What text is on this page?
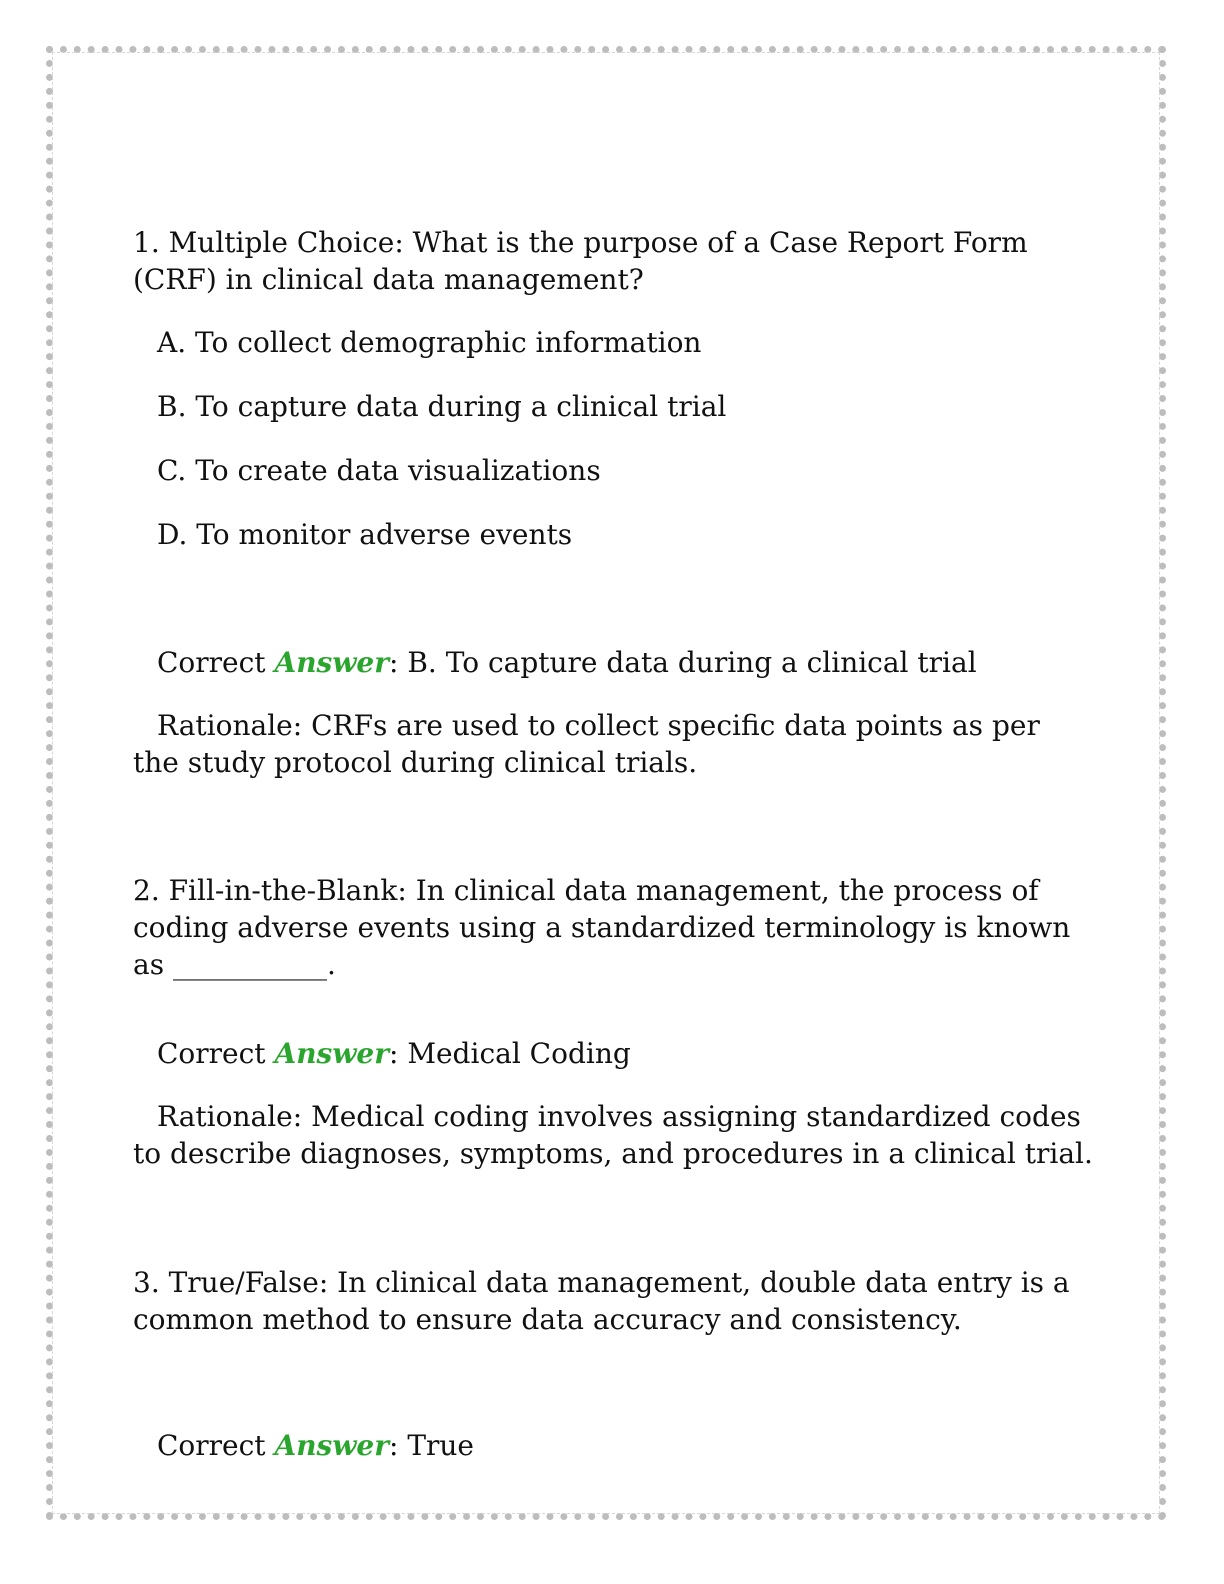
1. Multiple Choice: What is the purpose of a Case Report Form (CRF) in clinical data management?
A. To collect demographic information
B. To capture data during a clinical trial
C. To create data visualizations
D. To monitor adverse events
Correct Answer: B. To capture data during a clinical trial
Rationale: CRFs are used to collect specific data points as per the study protocol during clinical trials.
2. Fill-in-the-Blank: In clinical data management, the process of coding adverse events using a standardized terminology is known as ___________.
Correct Answer: Medical Coding
Rationale: Medical coding involves assigning standardized codes to describe diagnoses, symptoms, and procedures in a clinical trial.
3. True/False: In clinical data management, double data entry is a common method to ensure data accuracy and consistency.
Correct Answer: True
